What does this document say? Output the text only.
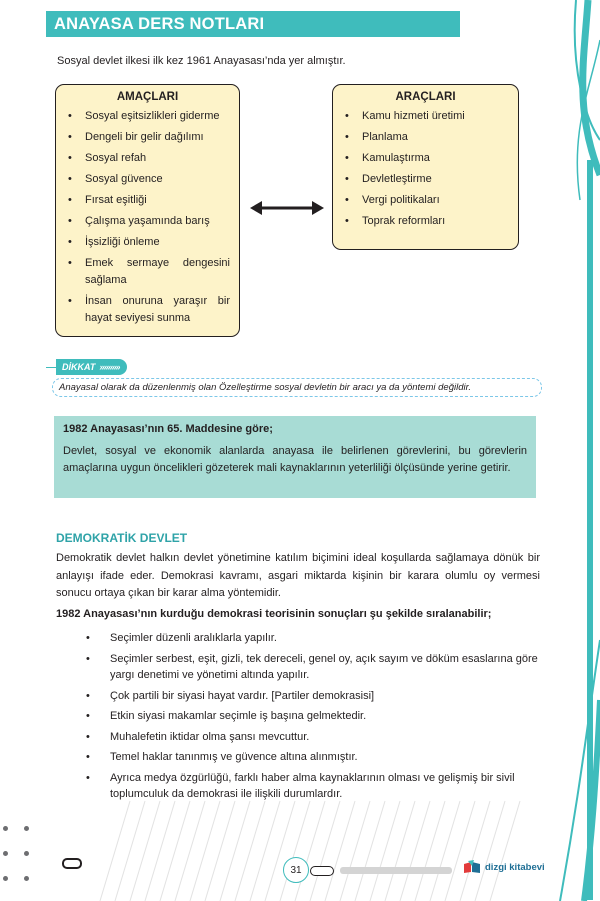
ANAYASA DERS NOTLARI
Sosyal devlet ilkesi ilk kez 1961 Anayasası’nda yer almıştır.
AMAÇLARI
• Sosyal eşitsizlikleri giderme
• Dengeli bir gelir dağılımı
• Sosyal refah
• Sosyal güvence
• Fırsat eşitliği
• Çalışma yaşamında barış
• İşsizliği önleme
• Emek sermaye dengesini sağlama
• İnsan onuruna yaraşır bir hayat seviyesi sunma
ARAÇLARI
• Kamu hizmeti üretimi
• Planlama
• Kamulaştırma
• Devletleştirme
• Vergi politikaları
• Toprak reformları
DİKKAT »»»»»
Anayasal olarak da düzenlenmiş olan Özelleştirme sosyal devletin bir aracı ya da yöntemi değildir.
1982 Anayasası’nın 65. Maddesine göre;
Devlet, sosyal ve ekonomik alanlarda anayasa ile belirlenen görevlerini, bu görevlerin amaçlarına uygun öncelikleri gözeterek mali kaynaklarının yeterliliği ölçüsünde yerine getirir.
DEMOKRATİK DEVLET
Demokratik devlet halkın devlet yönetimine katılım biçimini ideal koşullarda sağlamaya dönük bir anlayışı ifade eder. Demokrasi kavramı, asgari miktarda kişinin bir karara olumlu oy vermesi sonucu ortaya çıkan bir karar alma yöntemidir.
1982 Anayasası’nın kurduğu demokrasi teorisinin sonuçları şu şekilde sıralanabilir;
• Seçimler düzenli aralıklarla yapılır.
• Seçimler serbest, eşit, gizli, tek dereceli, genel oy, açık sayım ve döküm esaslarına göre yargı denetimi ve yönetimi altında yapılır.
• Çok partili bir siyasi hayat vardır. [Partiler demokrasisi]
• Etkin siyasi makamlar seçimle iş başına gelmektedir.
• Muhalefetin iktidar olma şansı mevcuttur.
• Temel haklar tanınmış ve güvence altına alınmıştır.
• Ayrıca medya özgürlüğü, farklı haber alma kaynaklarının olması ve gelişmiş bir sivil toplumculuk da demokrasi ile ilişkili durumlardır.
31	dizgi kitabevi
